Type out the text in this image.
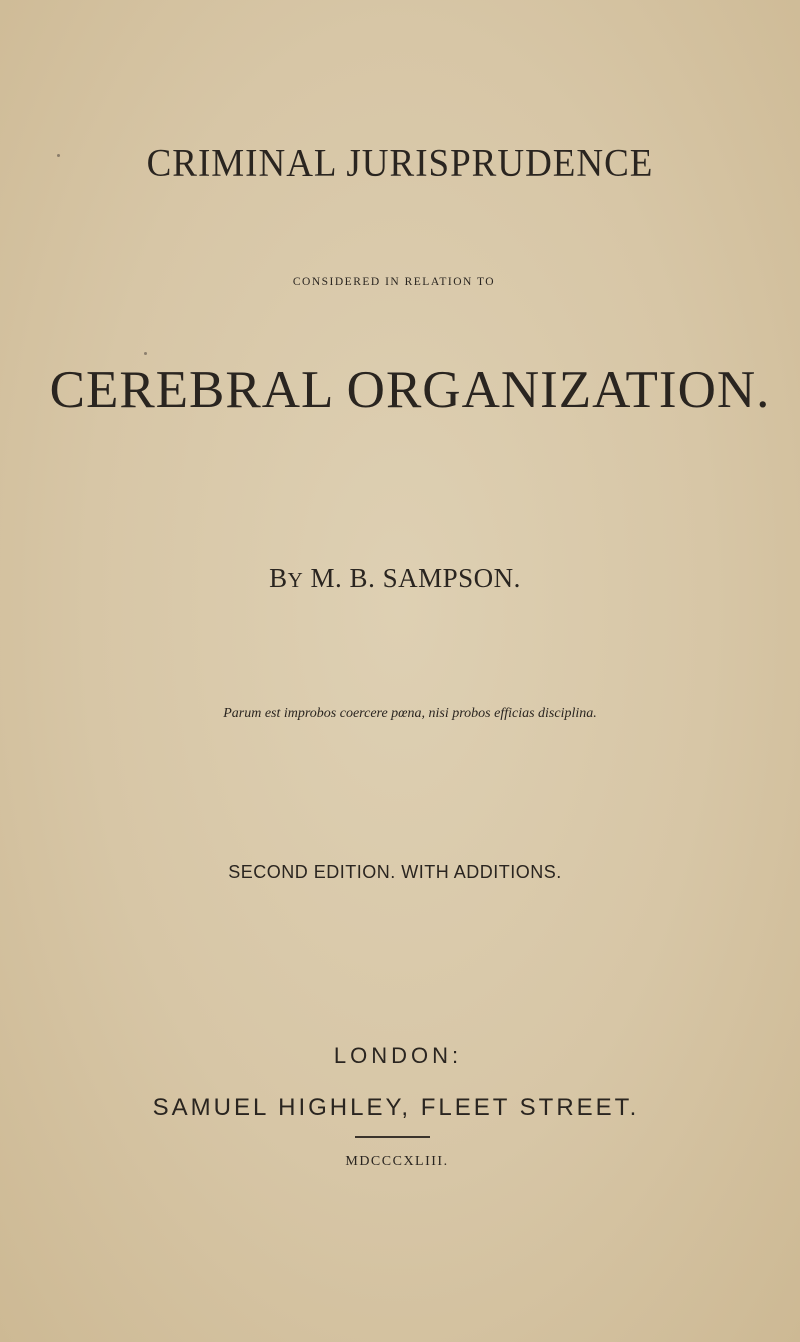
CRIMINAL JURISPRUDENCE
CONSIDERED IN RELATION TO
CEREBRAL ORGANIZATION.
BY M. B. SAMPSON.
Parum est improbos coercere pœna, nisi probos efficias disciplina.
SECOND EDITION. WITH ADDITIONS.
LONDON:
SAMUEL HIGHLEY, FLEET STREET.
MDCCCXLIII.
